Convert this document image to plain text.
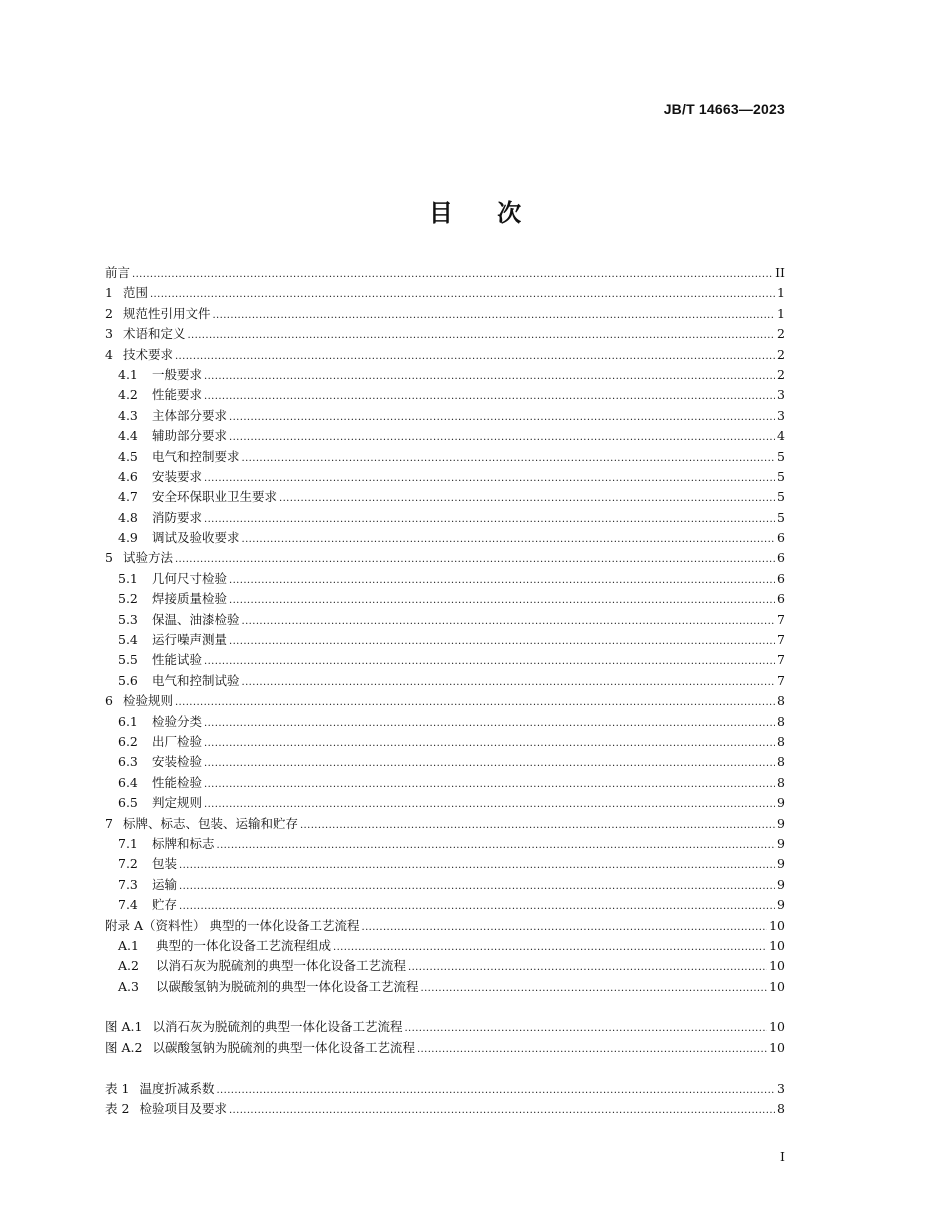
JB/T 14663—2023
目 次
前言 .....	II
1 范围 .....	1
2 规范性引用文件 .....	1
3 术语和定义 .....	2
4 技术要求 .....	2
4.1 一般要求 .....	2
4.2 性能要求 .....	3
4.3 主体部分要求 .....	3
4.4 辅助部分要求 .....	4
4.5 电气和控制要求 .....	5
4.6 安装要求 .....	5
4.7 安全环保职业卫生要求 .....	5
4.8 消防要求 .....	5
4.9 调试及验收要求 .....	6
5 试验方法 .....	6
5.1 几何尺寸检验 .....	6
5.2 焊接质量检验 .....	6
5.3 保温、油漆检验 .....	7
5.4 运行噪声测量 .....	7
5.5 性能试验 .....	7
5.6 电气和控制试验 .....	7
6 检验规则 .....	8
6.1 检验分类 .....	8
6.2 出厂检验 .....	8
6.3 安装检验 .....	8
6.4 性能检验 .....	8
6.5 判定规则 .....	9
7 标牌、标志、包装、运输和贮存 .....	9
7.1 标牌和标志 .....	9
7.2 包装 .....	9
7.3 运输 .....	9
7.4 贮存 .....	9
附录 A（资料性） 典型的一体化设备工艺流程 .....	10
A.1 典型的一体化设备工艺流程组成 .....	10
A.2 以消石灰为脱硫剂的典型一体化设备工艺流程 .....	10
A.3 以碳酸氢钠为脱硫剂的典型一体化设备工艺流程 .....	10
图 A.1 以消石灰为脱硫剂的典型一体化设备工艺流程 .....	10
图 A.2 以碳酸氢钠为脱硫剂的典型一体化设备工艺流程 .....	10
表 1 温度折减系数 .....	3
表 2 检验项目及要求 .....	8
I
